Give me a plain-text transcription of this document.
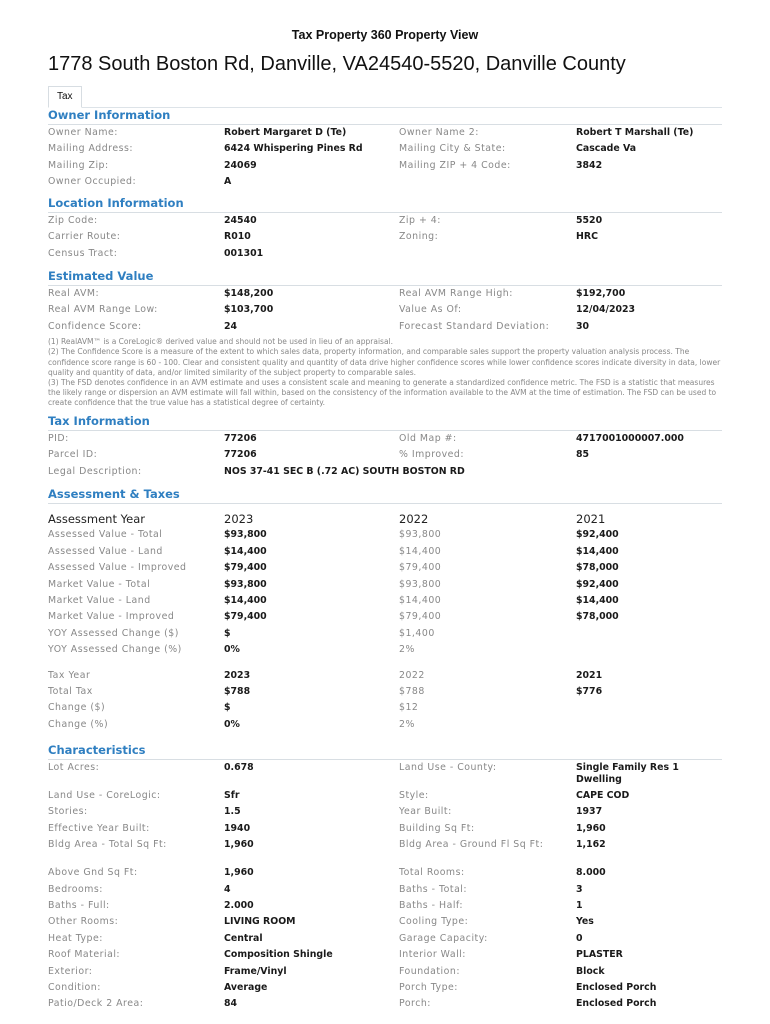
Tax Property 360 Property View
1778 South Boston Rd, Danville, VA24540-5520, Danville County
Tax
Owner Information
Owner Name:	Robert Margaret D (Te)	Owner Name 2:	Robert T Marshall (Te)
Mailing Address:	6424 Whispering Pines Rd	Mailing City & State:	Cascade Va
Mailing Zip:	24069	Mailing ZIP + 4 Code:	3842
Owner Occupied:	A
Location Information
Zip Code:	24540	Zip + 4:	5520
Carrier Route:	R010	Zoning:	HRC
Census Tract:	001301
Estimated Value
Real AVM:	$148,200	Real AVM Range High:	$192,700
Real AVM Range Low:	$103,700	Value As Of:	12/04/2023
Confidence Score:	24	Forecast Standard Deviation:	30
(1) RealAVM™ is a CoreLogic® derived value and should not be used in lieu of an appraisal.
(2) The Confidence Score is a measure of the extent to which sales data, property information, and comparable sales support the property valuation analysis process. The confidence score range is 60 - 100. Clear and consistent quality and quantity of data drive higher confidence scores while lower confidence scores indicate diversity in data, lower quality and quantity of data, and/or limited similarity of the subject property to comparable sales.
(3) The FSD denotes confidence in an AVM estimate and uses a consistent scale and meaning to generate a standardized confidence metric. The FSD is a statistic that measures the likely range or dispersion an AVM estimate will fall within, based on the consistency of the information available to the AVM at the time of estimation. The FSD can be used to create confidence that the true value has a statistical degree of certainty.
Tax Information
PID:	77206	Old Map #:	4717001000007.000
Parcel ID:	77206	% Improved:	85
Legal Description:	NOS 37-41 SEC B (.72 AC) SOUTH BOSTON RD
Assessment & Taxes
Assessment Year	2023	2022	2021
Assessed Value - Total	$93,800	$93,800	$92,400
Assessed Value - Land	$14,400	$14,400	$14,400
Assessed Value - Improved	$79,400	$79,400	$78,000
Market Value - Total	$93,800	$93,800	$92,400
Market Value - Land	$14,400	$14,400	$14,400
Market Value - Improved	$79,400	$79,400	$78,000
YOY Assessed Change ($)	$	$1,400
YOY Assessed Change (%)	0%	2%
Tax Year	2023	2022	2021
Total Tax	$788	$788	$776
Change ($)	$	$12
Change (%)	0%	2%
Characteristics
Lot Acres:	0.678	Land Use - County:	Single Family Res 1 Dwelling
Land Use - CoreLogic:	Sfr	Style:	CAPE COD
Stories:	1.5	Year Built:	1937
Effective Year Built:	1940	Building Sq Ft:	1,960
Bldg Area - Total Sq Ft:	1,960	Bldg Area - Ground Fl Sq Ft:	1,162
Above Gnd Sq Ft:	1,960	Total Rooms:	8.000
Bedrooms:	4	Baths - Total:	3
Baths - Full:	2.000	Baths - Half:	1
Other Rooms:	LIVING ROOM	Cooling Type:	Yes
Heat Type:	Central	Garage Capacity:	0
Roof Material:	Composition Shingle	Interior Wall:	PLASTER
Exterior:	Frame/Vinyl	Foundation:	Block
Condition:	Average	Porch Type:	Enclosed Porch
Patio/Deck 2 Area:	84	Porch:	Enclosed Porch
